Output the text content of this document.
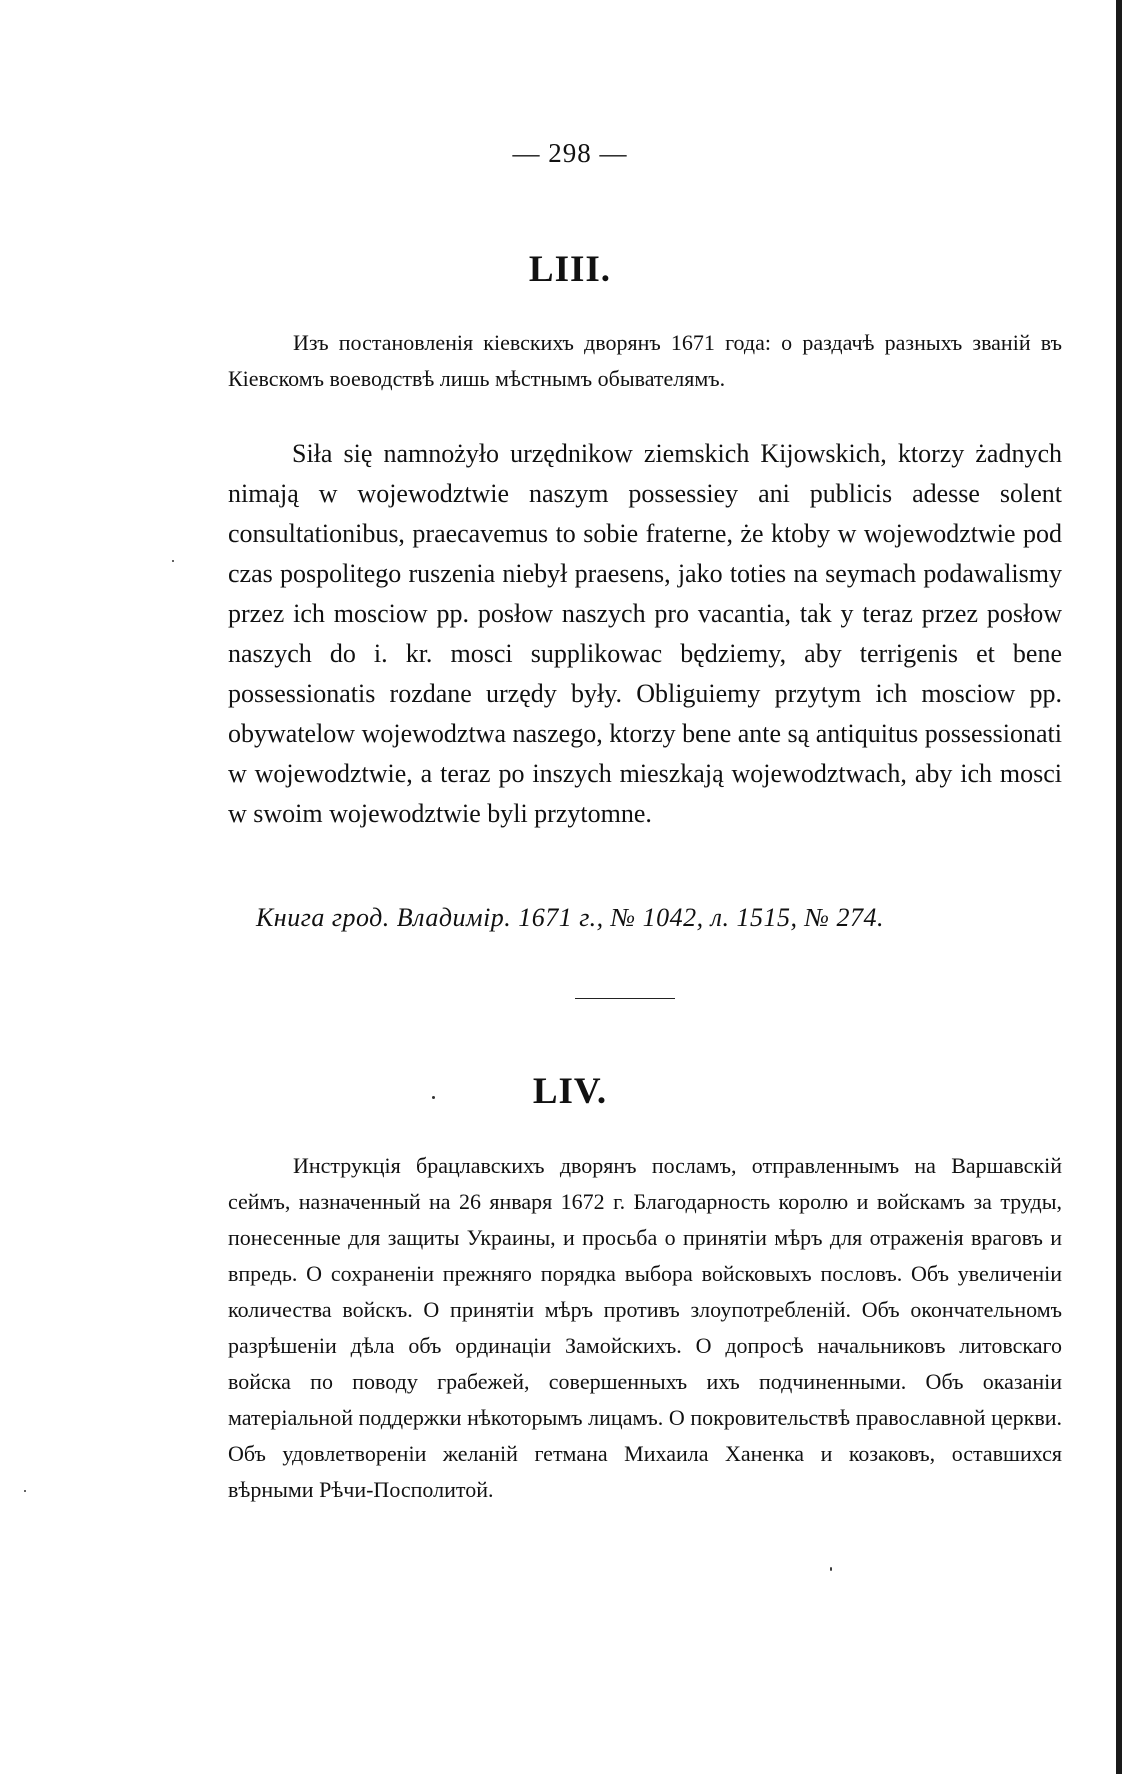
— 298 —
LIII.
Изъ постановленія кіевскихъ дворянъ 1671 года: о раздачѣ разныхъ званій въ Кіевскомъ воеводствѣ лишь мѣстнымъ обывателямъ.
Siła się namnożyło urzędnikow ziemskich Kijowskich, ktorzy żadnych nimają w wojewodztwie naszym possessiey ani publicis adesse solent consultationibus, praecavemus to sobie fraterne, że ktoby w wojewodztwie pod czas pospolitego ruszenia niebył praesens, jako toties na seymach podawalismy przez ich mosciow pp. posłow naszych pro vacantia, tak y teraz przez posłow naszych do i. kr. mosci supplikowac będziemy, aby terrigenis et bene possessionatis rozdane urzędy były. Obliguiemy przytym ich mosciow pp. obywatelow wojewodztwa naszego, ktorzy bene ante są antiquitus possessionati w wojewodztwie, a teraz po inszych mieszkają wojewodztwach, aby ich mosci w swoim wojewodztwie byli przytomne.
Книга грод. Владимір. 1671 г., № 1042, л. 1515, № 274.
LIV.
Инструкція брацлавскихъ дворянъ посламъ, отправленнымъ на Варшавскій сеймъ, назначенный на 26 января 1672 г. Благодарность королю и войскамъ за труды, понесенные для защиты Украины, и просьба о принятіи мѣръ для отраженія враговъ и впредь. О сохраненіи прежняго порядка выбора войсковыхъ пословъ. Объ увеличеніи количества войскъ. О принятіи мѣръ противъ злоупотребленій. Объ окончательномъ разрѣшеніи дѣла объ ординаціи Замойскихъ. О допросѣ начальниковъ литовскаго войска по поводу грабежей, совершенныхъ ихъ подчиненными. Объ оказаніи матеріальной поддержки нѣкоторымъ лицамъ. О покровительствѣ православной церкви. Объ удовлетвореніи желаній гетмана Михаила Ханенка и козаковъ, оставшихся вѣрными Рѣчи-Посполитой.
